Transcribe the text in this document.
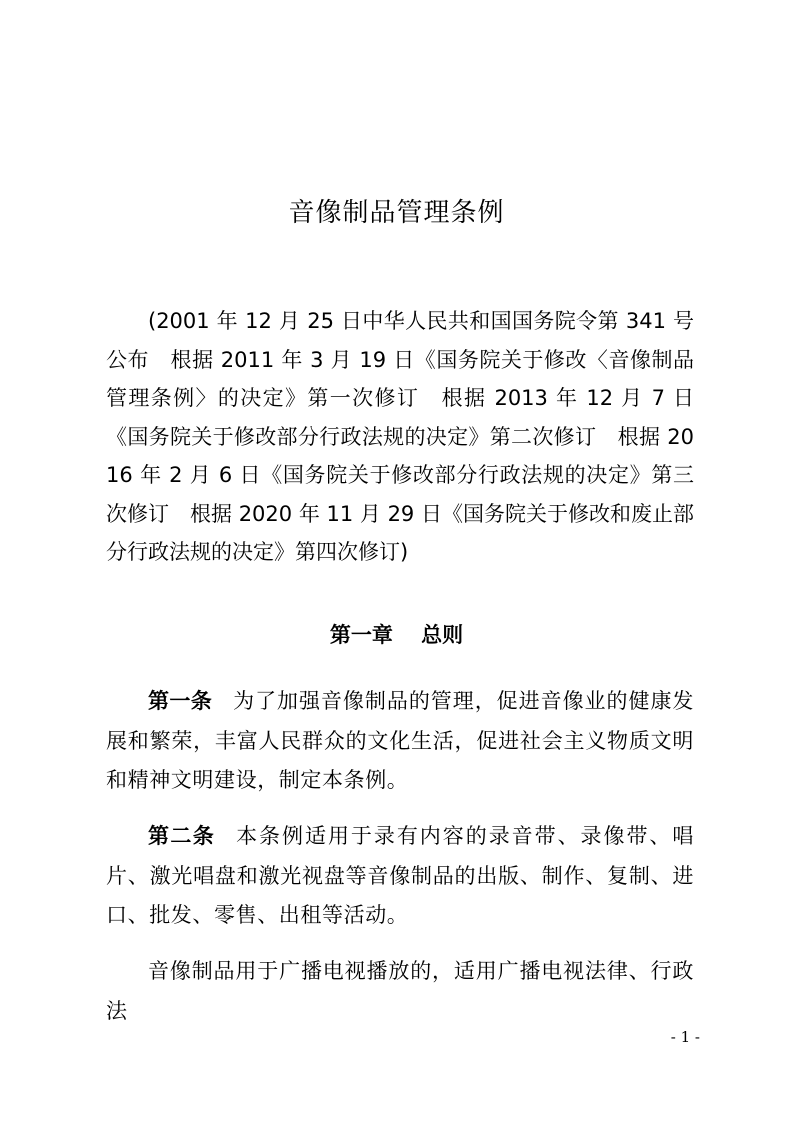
音像制品管理条例
(2001 年 12 月 25 日中华人民共和国国务院令第 341 号公布　根据 2011 年 3 月 19 日《国务院关于修改〈音像制品管理条例〉的决定》第一次修订　根据 2013 年 12 月 7 日《国务院关于修改部分行政法规的决定》第二次修订　根据 2016 年 2 月 6 日《国务院关于修改部分行政法规的决定》第三次修订　根据 2020 年 11 月 29 日《国务院关于修改和废止部分行政法规的决定》第四次修订)
第一章　 总则
第一条 为了加强音像制品的管理，促进音像业的健康发展和繁荣，丰富人民群众的文化生活，促进社会主义物质文明和精神文明建设，制定本条例。
第二条 本条例适用于录有内容的录音带、录像带、唱片、激光唱盘和激光视盘等音像制品的出版、制作、复制、进口、批发、零售、出租等活动。
音像制品用于广播电视播放的，适用广播电视法律、行政法
- 1 -
